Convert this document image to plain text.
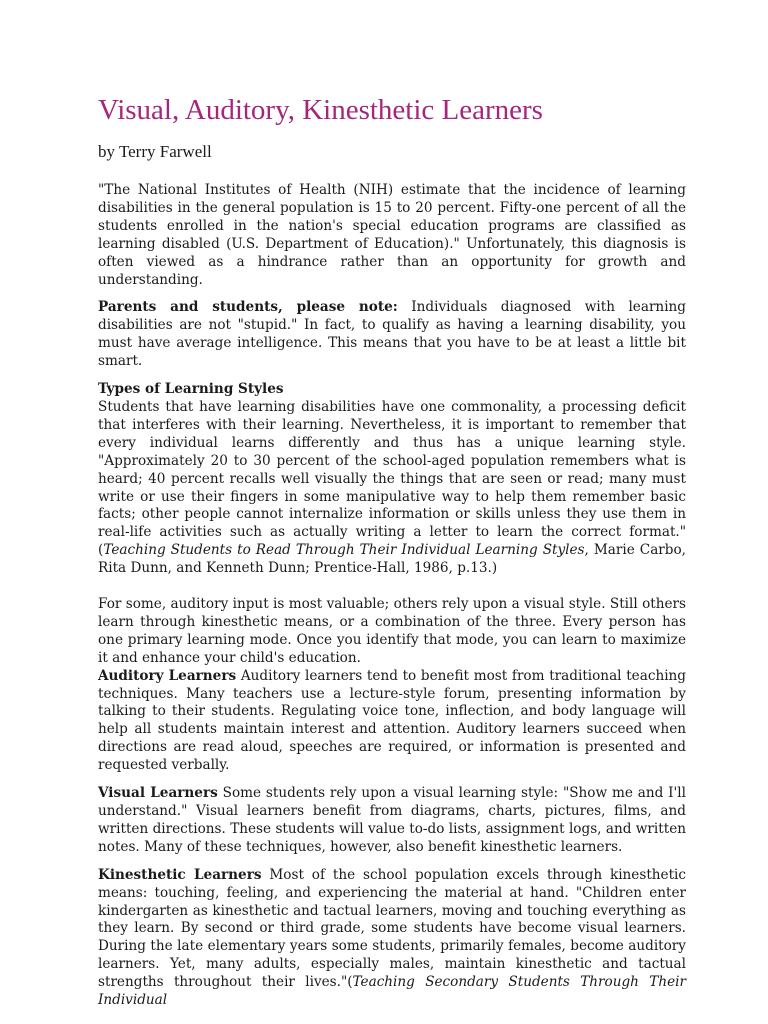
Visual, Auditory, Kinesthetic Learners
by Terry Farwell

"The National Institutes of Health (NIH) estimate that the incidence of learning disabilities in the general population is 15 to 20 percent. Fifty-one percent of all the students enrolled in the nation's special education programs are classified as learning disabled (U.S. Department of Education)." Unfortunately, this diagnosis is often viewed as a hindrance rather than an opportunity for growth and understanding.

Parents and students, please note: Individuals diagnosed with learning disabilities are not "stupid." In fact, to qualify as having a learning disability, you must have average intelligence. This means that you have to be at least a little bit smart.

Types of Learning Styles

Students that have learning disabilities have one commonality, a processing deficit that interferes with their learning. Nevertheless, it is important to remember that every individual learns differently and thus has a unique learning style. "Approximately 20 to 30 percent of the school-aged population remembers what is heard; 40 percent recalls well visually the things that are seen or read; many must write or use their fingers in some manipulative way to help them remember basic facts; other people cannot internalize information or skills unless they use them in real-life activities such as actually writing a letter to learn the correct format." (Teaching Students to Read Through Their Individual Learning Styles, Marie Carbo, Rita Dunn, and Kenneth Dunn; Prentice-Hall, 1986, p.13.)

For some, auditory input is most valuable; others rely upon a visual style. Still others learn through kinesthetic means, or a combination of the three. Every person has one primary learning mode. Once you identify that mode, you can learn to maximize it and enhance your child's education.

Auditory Learners Auditory learners tend to benefit most from traditional teaching techniques. Many teachers use a lecture-style forum, presenting information by talking to their students. Regulating voice tone, inflection, and body language will help all students maintain interest and attention. Auditory learners succeed when directions are read aloud, speeches are required, or information is presented and requested verbally.

Visual Learners Some students rely upon a visual learning style: "Show me and I'll understand." Visual learners benefit from diagrams, charts, pictures, films, and written directions. These students will value to-do lists, assignment logs, and written notes. Many of these techniques, however, also benefit kinesthetic learners.

Kinesthetic Learners Most of the school population excels through kinesthetic means: touching, feeling, and experiencing the material at hand. "Children enter kindergarten as kinesthetic and tactual learners, moving and touching everything as they learn. By second or third grade, some students have become visual learners. During the late elementary years some students, primarily females, become auditory learners. Yet, many adults, especially males, maintain kinesthetic and tactual strengths throughout their lives."(Teaching Secondary Students Through Their Individual
